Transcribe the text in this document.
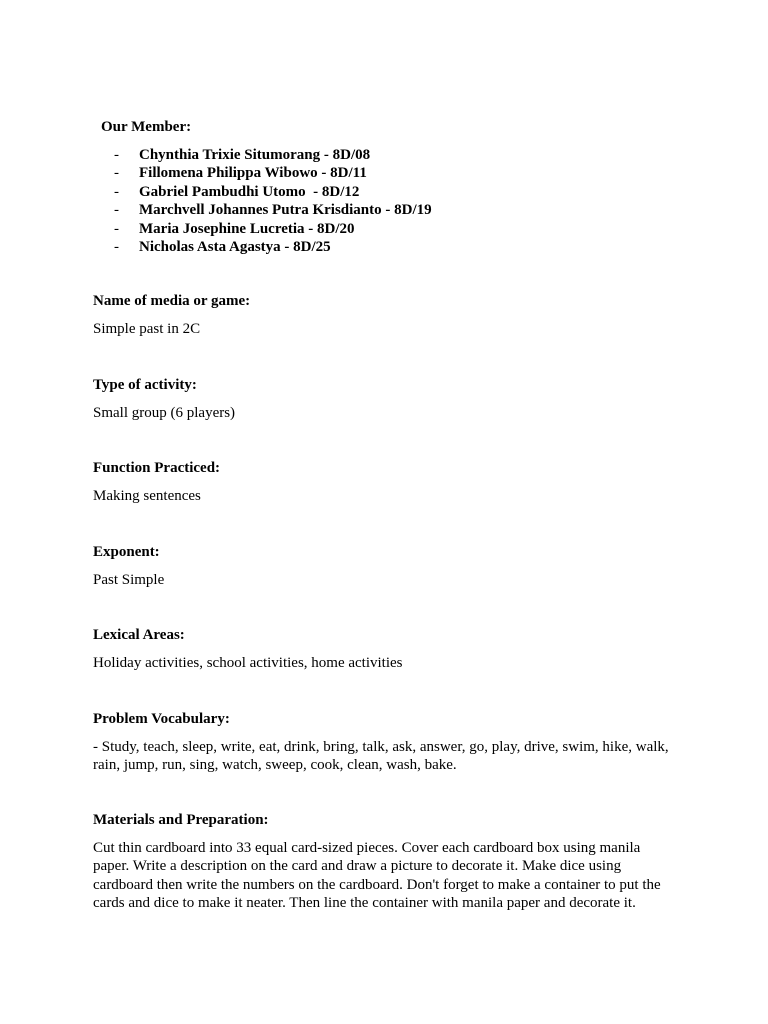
Our Member:
- Chynthia Trixie Situmorang - 8D/08
- Fillomena Philippa Wibowo - 8D/11
- Gabriel Pambudhi Utomo  - 8D/12
- Marchvell Johannes Putra Krisdianto - 8D/19
- Maria Josephine Lucretia - 8D/20
- Nicholas Asta Agastya - 8D/25
Name of media or game:

Simple past in 2C

Type of activity:

Small group (6 players)

Function Practiced:

Making sentences

Exponent:

Past Simple

Lexical Areas:

Holiday activities, school activities, home activities

Problem Vocabulary:

- Study, teach, sleep, write, eat, drink, bring, talk, ask, answer, go, play, drive, swim, hike, walk, rain, jump, run, sing, watch, sweep, cook, clean, wash, bake.

Materials and Preparation:

Cut thin cardboard into 33 equal card-sized pieces. Cover each cardboard box using manila paper. Write a description on the card and draw a picture to decorate it. Make dice using cardboard then write the numbers on the cardboard. Don't forget to make a container to put the cards and dice to make it neater. Then line the container with manila paper and decorate it.
